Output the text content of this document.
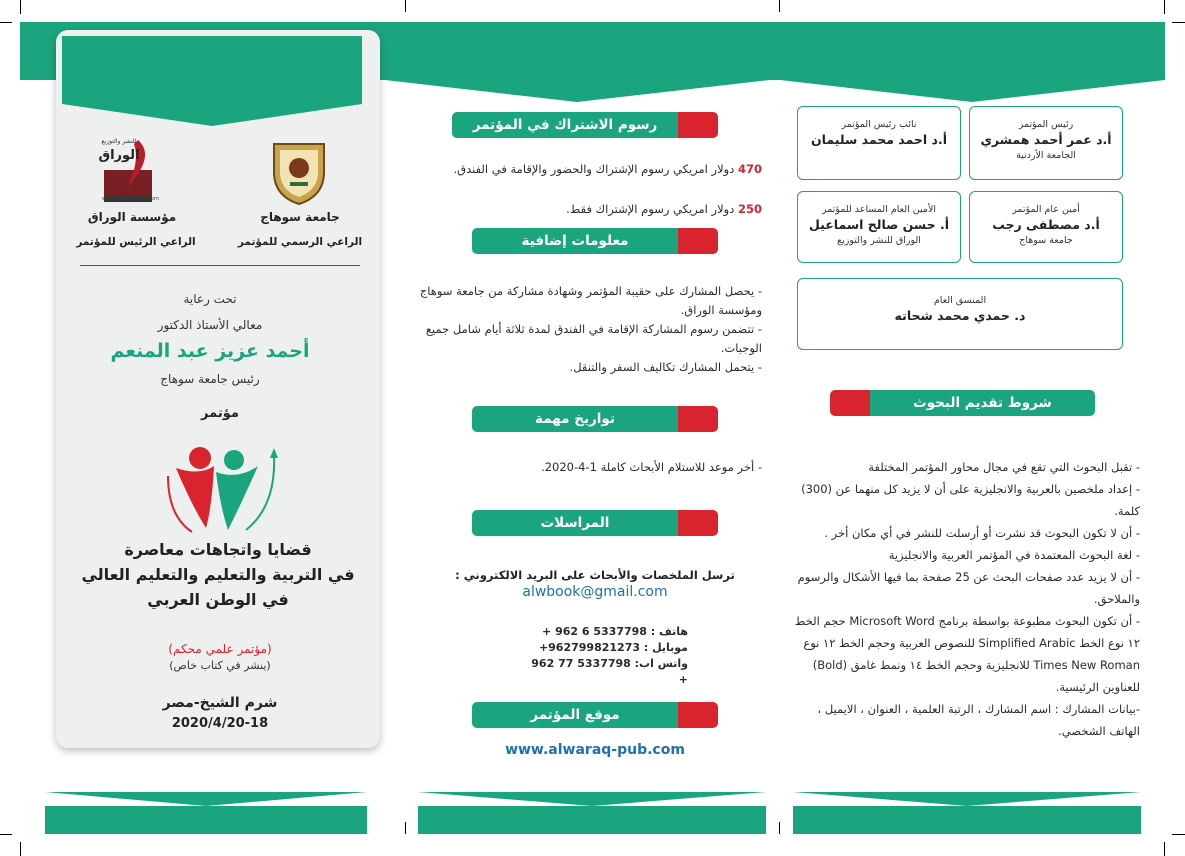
جامعة سوهاج
الراعي الرسمي للمؤتمر
للنشر والتوزيع
الوراق
www.alwaraq-pub.com
مؤسسة الوراق
الراعي الرئيس للمؤتمر
تحت رعاية
معالي الأستاذ الدكتور
أحمد عزيز عبد المنعم
رئيس جامعة سوهاج
مؤتمر
قضايا واتجاهات معاصرة
في التربية والتعليم والتعليم العالي
في الوطن العربي
(مؤتمر علمي محكم)
(ينشر في كتاب خاص)
شرم الشيخ-مصر
2020/4/20-18
رسوم الاشتراك في المؤتمر
470 دولار امريكي رسوم الإشتراك والحضور والإقامة في الفندق.
250 دولار امريكي رسوم الإشتراك فقط.
معلومات إضافية
- يحصل المشارك على حقيبة المؤتمر وشهادة مشاركة من جامعة سوهاج ومؤسسة الوراق.
- تتضمن رسوم المشاركة الإقامة في الفندق لمدة ثلاثة أيام شامل جميع الوجبات.
- يتحمل المشارك تكاليف السفر والتنقل.
تواريخ مهمة
- أخر موعد للاستلام الأبحاث كاملة 1-4-2020.
المراسلات
ترسل الملخصات والأبحاث على البريد الالكتروني :
alwbook@gmail.com
هاتف : 5337798 6 962 +
موبايل : 962799821273+
واتس اب: 5337798 77 962 +
موقع المؤتمر
www.alwaraq-pub.com
رئيس المؤتمر
أ.د عمر أحمد همشري
الجامعة الأردنية
نائب رئيس المؤتمر
أ.د احمد محمد سليمان
أمين عام المؤتمر
أ.د مصطفى رجب
جامعة سوهاج
الأمين العام المساعد للمؤتمر
أ. حسن صالح اسماعيل
الوراق للنشر والتوزيع
المنسق العام
د. حمدي محمد شحاته
شروط تقديم البحوث
- تقبل البحوث التي تقع في مجال محاور المؤتمر المختلفة
- إعداد ملخصين بالعربية والانجليزية على أن لا يزيد كل منهما عن (300) كلمة.
- أن لا تكون البحوث قد نشرت أو أرسلت للنشر في أي مكان أخر .
- لغة البحوث المعتمدة في المؤتمر العربية والانجليزية
- أن لا يزيد عدد صفحات البحث عن 25 صفحة بما فيها الأشكال والرسوم والملاحق.
- أن تكون البحوث مطبوعة بواسطة برنامج Microsoft Word حجم الخط ١٢ نوع الخط Simplified Arabic للنصوص العربية وحجم الخط ١٢ نوع Times New Roman للانجليزية وحجم الخط ١٤ ونمط غامق (Bold) للعناوين الرئيسية.
-بيانات المشارك : اسم المشارك ، الرتبة العلمية ، العنوان ، الايميل ، الهاتف الشخصي.
